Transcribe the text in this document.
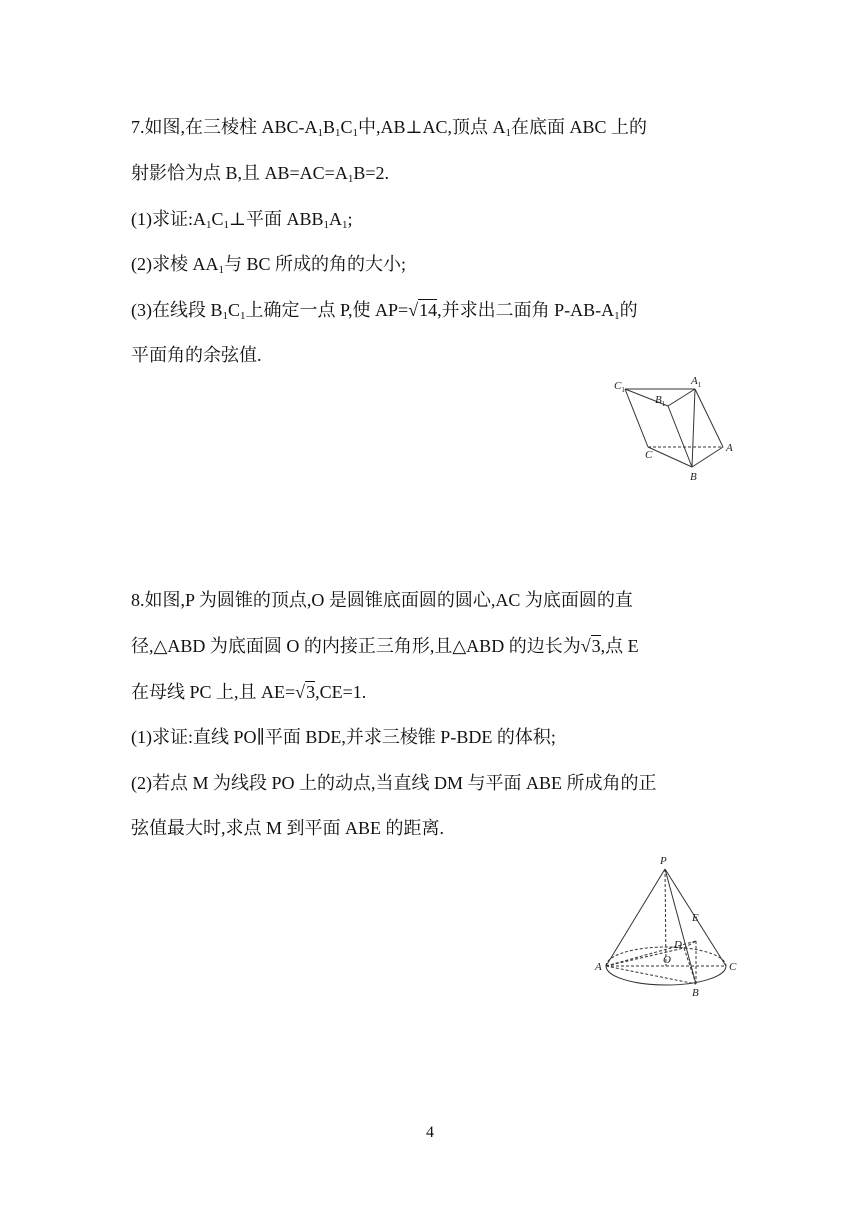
7.如图,在三棱柱 ABC-$A_1B_1C_1$中,AB⊥AC,顶点 $A_1$在底面 ABC 上的
射影恰为点 B,且 $AB=AC=A_1B=2$.
(1)求证$:A_1C_1\perp$平面 $ABB_1A_1$;
(2)求棱 $AA_1$与 BC 所成的角的大小;
(3)在线段 $B_1C_1$上确定一点 P,使 AP=√14,并求出二面角 $P-AB-A_1$的
平面角的余弦值.
$C_1$
$A_1$
$B_1$
A
C
B
8.如图,P 为圆锥的顶点,O 是圆锥底面圆的圆心,AC 为底面圆的直
径,△ABD 为底面圆 O 的内接正三角形,且△ABD 的边长为√3,点 E
在母线 PC 上,且 AE=√3,CE=1.
(1)求证:直线 PO∥平面 BDE,并求三棱锥 P-BDE 的体积;
(2)若点 M 为线段 PO 上的动点,当直线 DM 与平面 ABE 所成角的正
弦值最大时,求点 M 到平面 ABE 的距离.
P
E
D
O
A	C
B
4
